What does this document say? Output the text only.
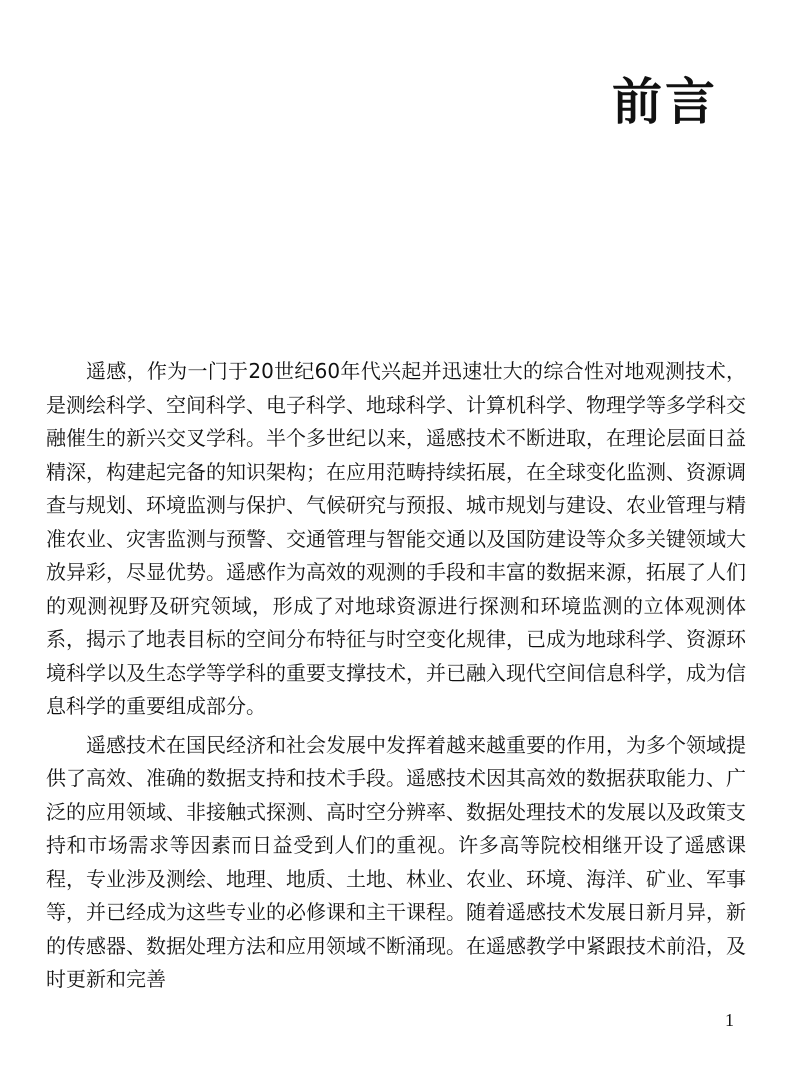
前言

遥感，作为一门于20世纪60年代兴起并迅速壮大的综合性对地观测技术，是测绘科学、空间科学、电子科学、地球科学、计算机科学、物理学等多学科交融催生的新兴交叉学科。半个多世纪以来，遥感技术不断进取，在理论层面日益精深，构建起完备的知识架构；在应用范畴持续拓展，在全球变化监测、资源调查与规划、环境监测与保护、气候研究与预报、城市规划与建设、农业管理与精准农业、灾害监测与预警、交通管理与智能交通以及国防建设等众多关键领域大放异彩，尽显优势。遥感作为高效的观测的手段和丰富的数据来源，拓展了人们的观测视野及研究领域，形成了对地球资源进行探测和环境监测的立体观测体系，揭示了地表目标的空间分布特征与时空变化规律，已成为地球科学、资源环境科学以及生态学等学科的重要支撑技术，并已融入现代空间信息科学，成为信息科学的重要组成部分。

遥感技术在国民经济和社会发展中发挥着越来越重要的作用，为多个领域提供了高效、准确的数据支持和技术手段。遥感技术因其高效的数据获取能力、广泛的应用领域、非接触式探测、高时空分辨率、数据处理技术的发展以及政策支持和市场需求等因素而日益受到人们的重视。许多高等院校相继开设了遥感课程，专业涉及测绘、地理、地质、土地、林业、农业、环境、海洋、矿业、军事等，并已经成为这些专业的必修课和主干课程。随着遥感技术发展日新月异，新的传感器、数据处理方法和应用领域不断涌现。在遥感教学中紧跟技术前沿，及时更新和完善

1
